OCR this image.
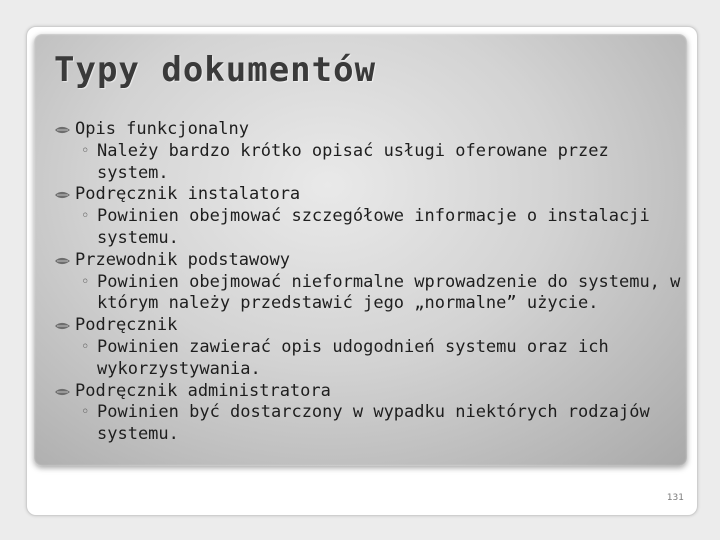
Typy dokumentów
Opis funkcjonalny
◦ Należy bardzo krótko opisać usługi oferowane przez system.
Podręcznik instalatora
◦ Powinien obejmować szczegółowe informacje o instalacji systemu.
Przewodnik podstawowy
◦ Powinien obejmować nieformalne wprowadzenie do systemu, w którym należy przedstawić jego „normalne” użycie.
Podręcznik
◦ Powinien zawierać opis udogodnień systemu oraz ich wykorzystywania.
Podręcznik administratora
◦ Powinien być dostarczony w wypadku niektórych rodzajów systemu.
131
